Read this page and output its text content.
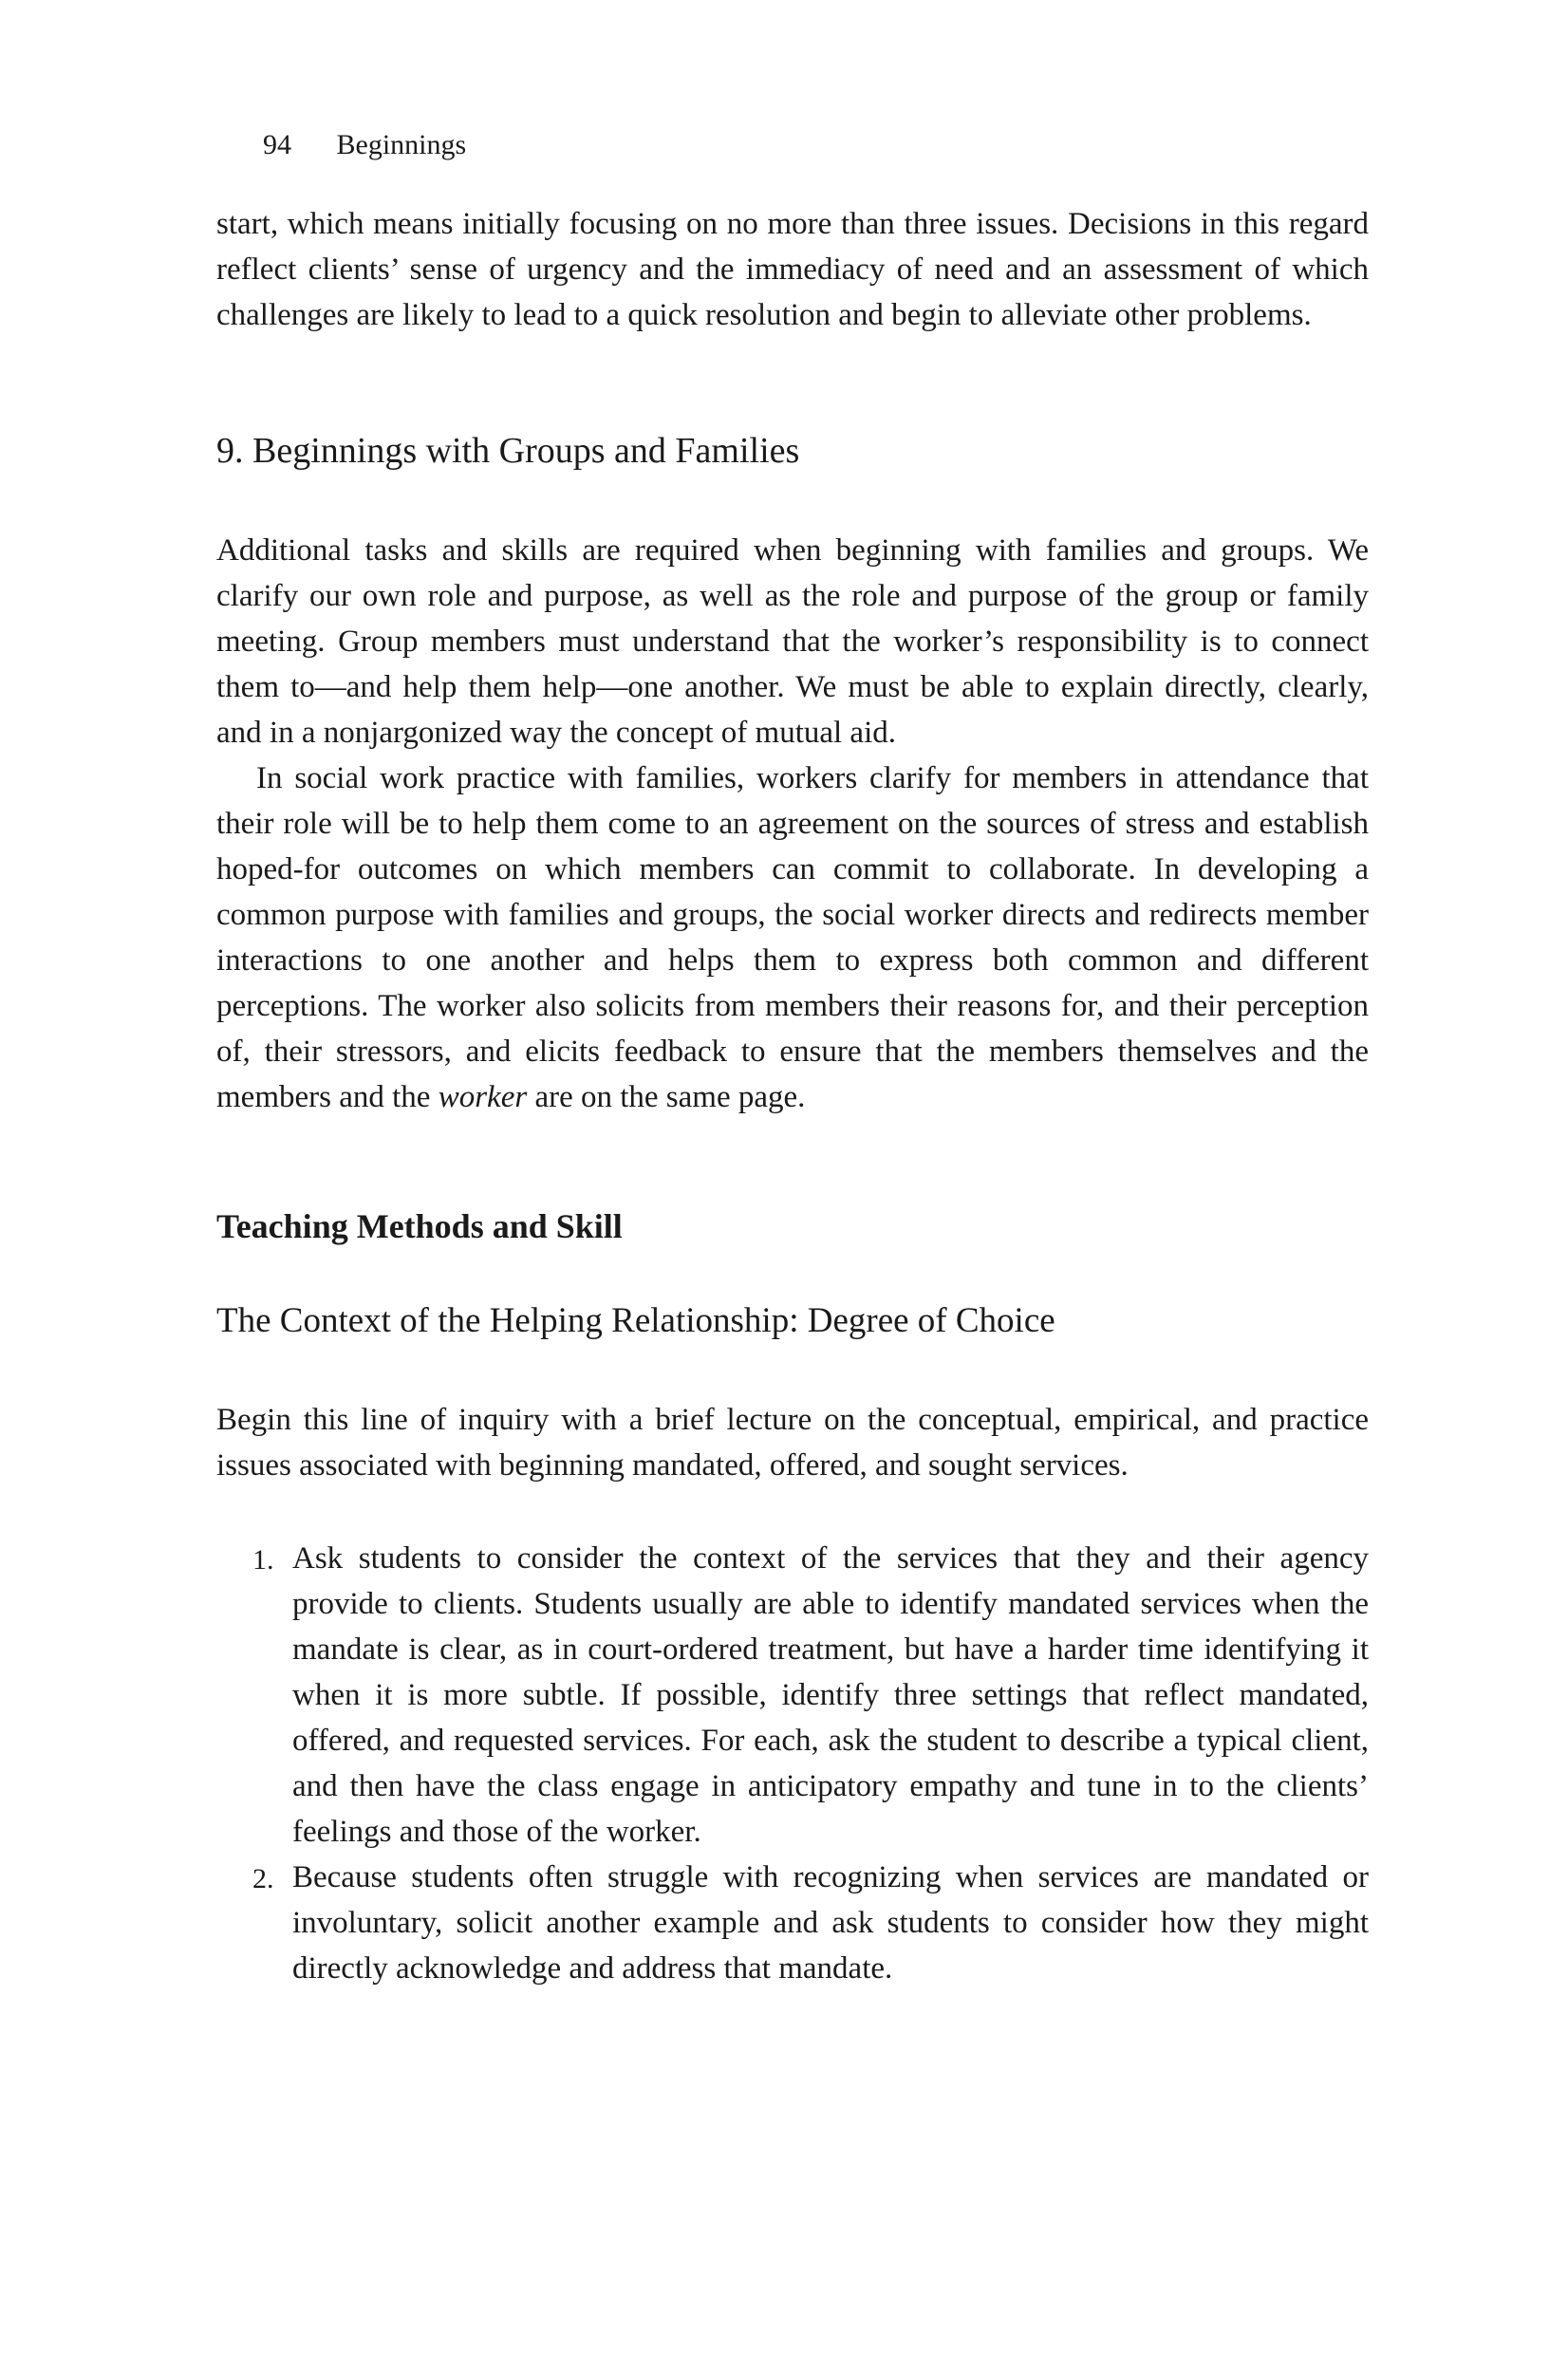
94 Beginnings

start, which means initially focusing on no more than three issues. Decisions in this regard reflect clients’ sense of urgency and the immediacy of need and an assessment of which challenges are likely to lead to a quick resolution and begin to alleviate other problems.

9. Beginnings with Groups and Families

Additional tasks and skills are required when beginning with families and groups. We clarify our own role and purpose, as well as the role and purpose of the group or family meeting. Group members must understand that the worker’s responsibility is to connect them to—and help them help—one another. We must be able to explain directly, clearly, and in a nonjargonized way the concept of mutual aid.

In social work practice with families, workers clarify for members in attendance that their role will be to help them come to an agreement on the sources of stress and establish hoped-for outcomes on which members can commit to collaborate. In developing a common purpose with families and groups, the social worker directs and redirects member interactions to one another and helps them to express both common and different perceptions. The worker also solicits from members their reasons for, and their perception of, their stressors, and elicits feedback to ensure that the members themselves and the members and the worker are on the same page.

Teaching Methods and Skill
The Context of the Helping Relationship: Degree of Choice

Begin this line of inquiry with a brief lecture on the conceptual, empirical, and practice issues associated with beginning mandated, offered, and sought services.

1. Ask students to consider the context of the services that they and their agency provide to clients. Students usually are able to identify mandated services when the mandate is clear, as in court-ordered treatment, but have a harder time identifying it when it is more subtle. If possible, identify three settings that reflect mandated, offered, and requested services. For each, ask the student to describe a typical client, and then have the class engage in anticipatory empathy and tune in to the clients’ feelings and those of the worker.
2. Because students often struggle with recognizing when services are mandated or involuntary, solicit another example and ask students to consider how they might directly acknowledge and address that mandate.
